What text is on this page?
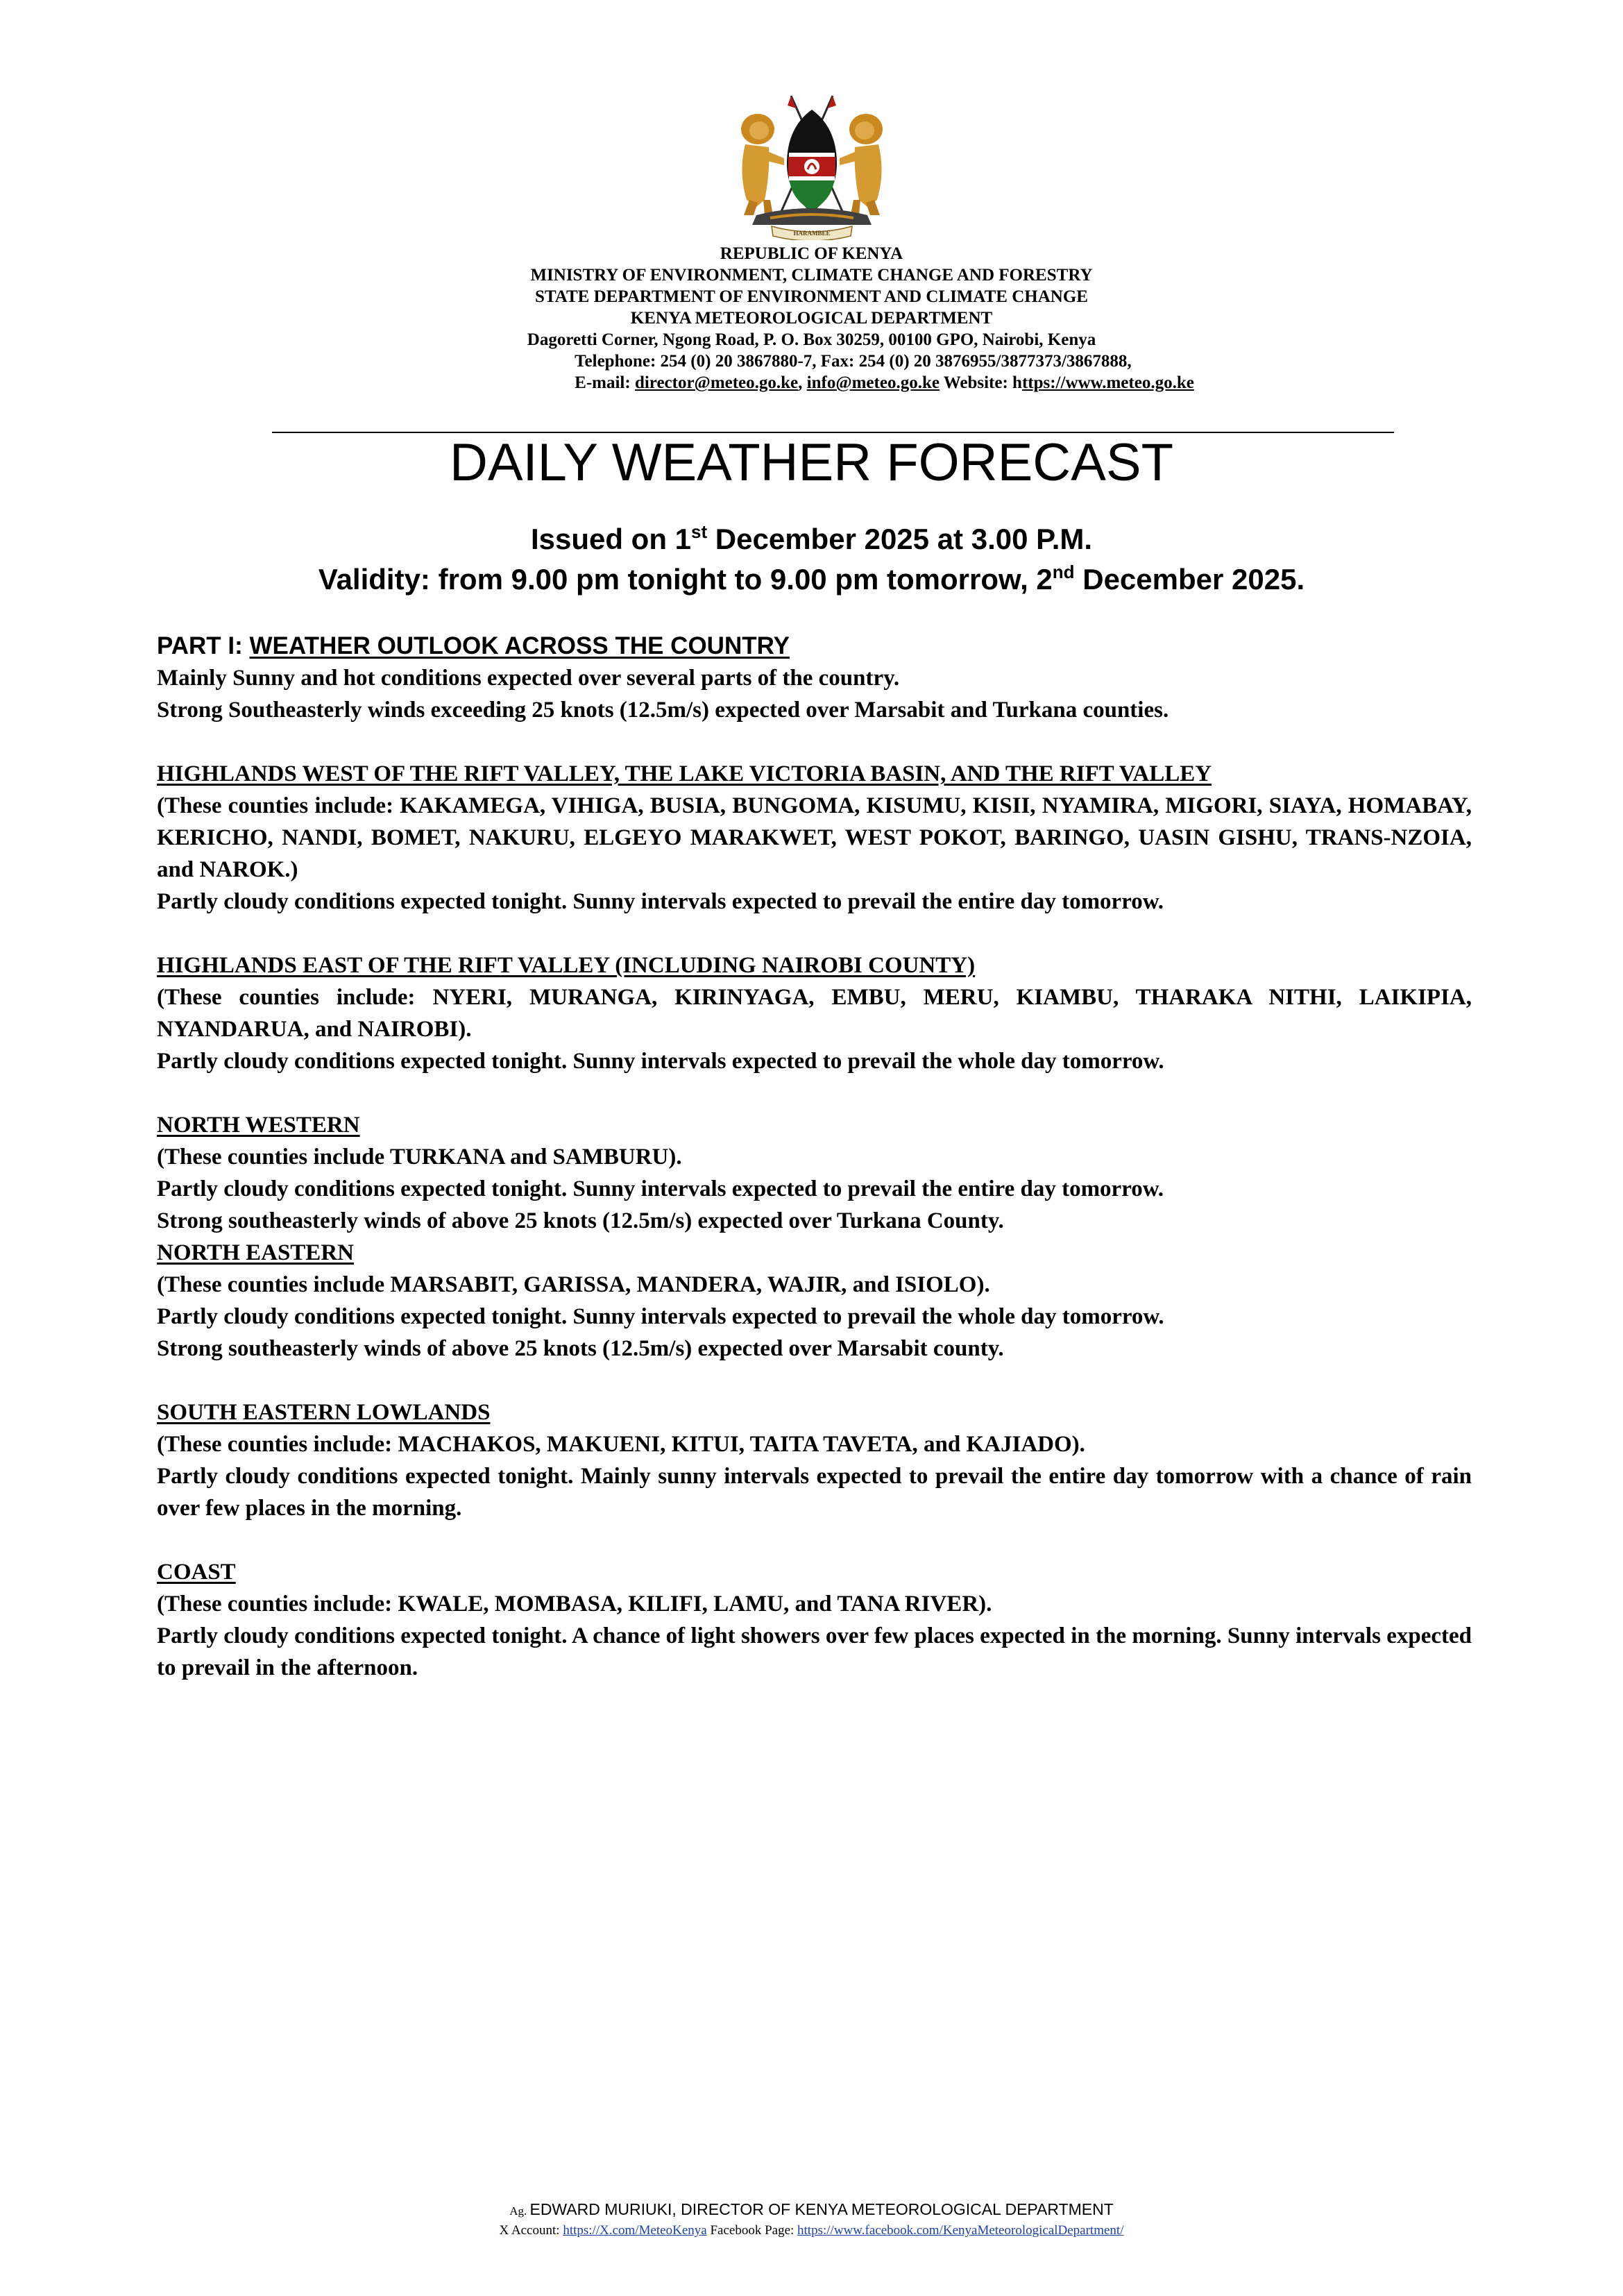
HARAMBEE
REPUBLIC OF KENYA
MINISTRY OF ENVIRONMENT, CLIMATE CHANGE AND FORESTRY
STATE DEPARTMENT OF ENVIRONMENT AND CLIMATE CHANGE
KENYA METEOROLOGICAL DEPARTMENT
Dagoretti Corner, Ngong Road, P. O. Box 30259, 00100 GPO, Nairobi, Kenya
Telephone: 254 (0) 20 3867880-7, Fax: 254 (0) 20 3876955/3877373/3867888,
E-mail: director@meteo.go.ke, info@meteo.go.ke Website: https://www.meteo.go.ke
DAILY WEATHER FORECAST
Issued on 1st December 2025 at 3.00 P.M.
Validity: from 9.00 pm tonight to 9.00 pm tomorrow, 2nd December 2025.

PART I: WEATHER OUTLOOK ACROSS THE COUNTRY

Mainly Sunny and hot conditions expected over several parts of the country.

Strong Southeasterly winds exceeding 25 knots (12.5m/s) expected over Marsabit and Turkana counties.

HIGHLANDS WEST OF THE RIFT VALLEY, THE LAKE VICTORIA BASIN, AND THE RIFT VALLEY

(These counties include: KAKAMEGA, VIHIGA, BUSIA, BUNGOMA, KISUMU, KISII, NYAMIRA, MIGORI, SIAYA, HOMABAY, KERICHO, NANDI, BOMET, NAKURU, ELGEYO MARAKWET, WEST POKOT, BARINGO, UASIN GISHU, TRANS-NZOIA, and NAROK.)

Partly cloudy conditions expected tonight. Sunny intervals expected to prevail the entire day tomorrow.

HIGHLANDS EAST OF THE RIFT VALLEY (INCLUDING NAIROBI COUNTY)

(These counties include: NYERI, MURANGA, KIRINYAGA, EMBU, MERU, KIAMBU, THARAKA NITHI, LAIKIPIA, NYANDARUA, and NAIROBI).

Partly cloudy conditions expected tonight. Sunny intervals expected to prevail the whole day tomorrow.

NORTH WESTERN

(These counties include TURKANA and SAMBURU).

Partly cloudy conditions expected tonight. Sunny intervals expected to prevail the entire day tomorrow.

Strong southeasterly winds of above 25 knots (12.5m/s) expected over Turkana County.

NORTH EASTERN

(These counties include MARSABIT, GARISSA, MANDERA, WAJIR, and ISIOLO).

Partly cloudy conditions expected tonight. Sunny intervals expected to prevail the whole day tomorrow.

Strong southeasterly winds of above 25 knots (12.5m/s) expected over Marsabit county.

SOUTH EASTERN LOWLANDS

(These counties include: MACHAKOS, MAKUENI, KITUI, TAITA TAVETA, and KAJIADO).

Partly cloudy conditions expected tonight. Mainly sunny intervals expected to prevail the entire day tomorrow with a chance of rain over few places in the morning.

COAST

(These counties include: KWALE, MOMBASA, KILIFI, LAMU, and TANA RIVER).

Partly cloudy conditions expected tonight. A chance of light showers over few places expected in the morning. Sunny intervals expected to prevail in the afternoon.

Ag. EDWARD MURIUKI, DIRECTOR OF KENYA METEOROLOGICAL DEPARTMENT
X Account: https://X.com/MeteoKenya Facebook Page: https://www.facebook.com/KenyaMeteorologicalDepartment/
